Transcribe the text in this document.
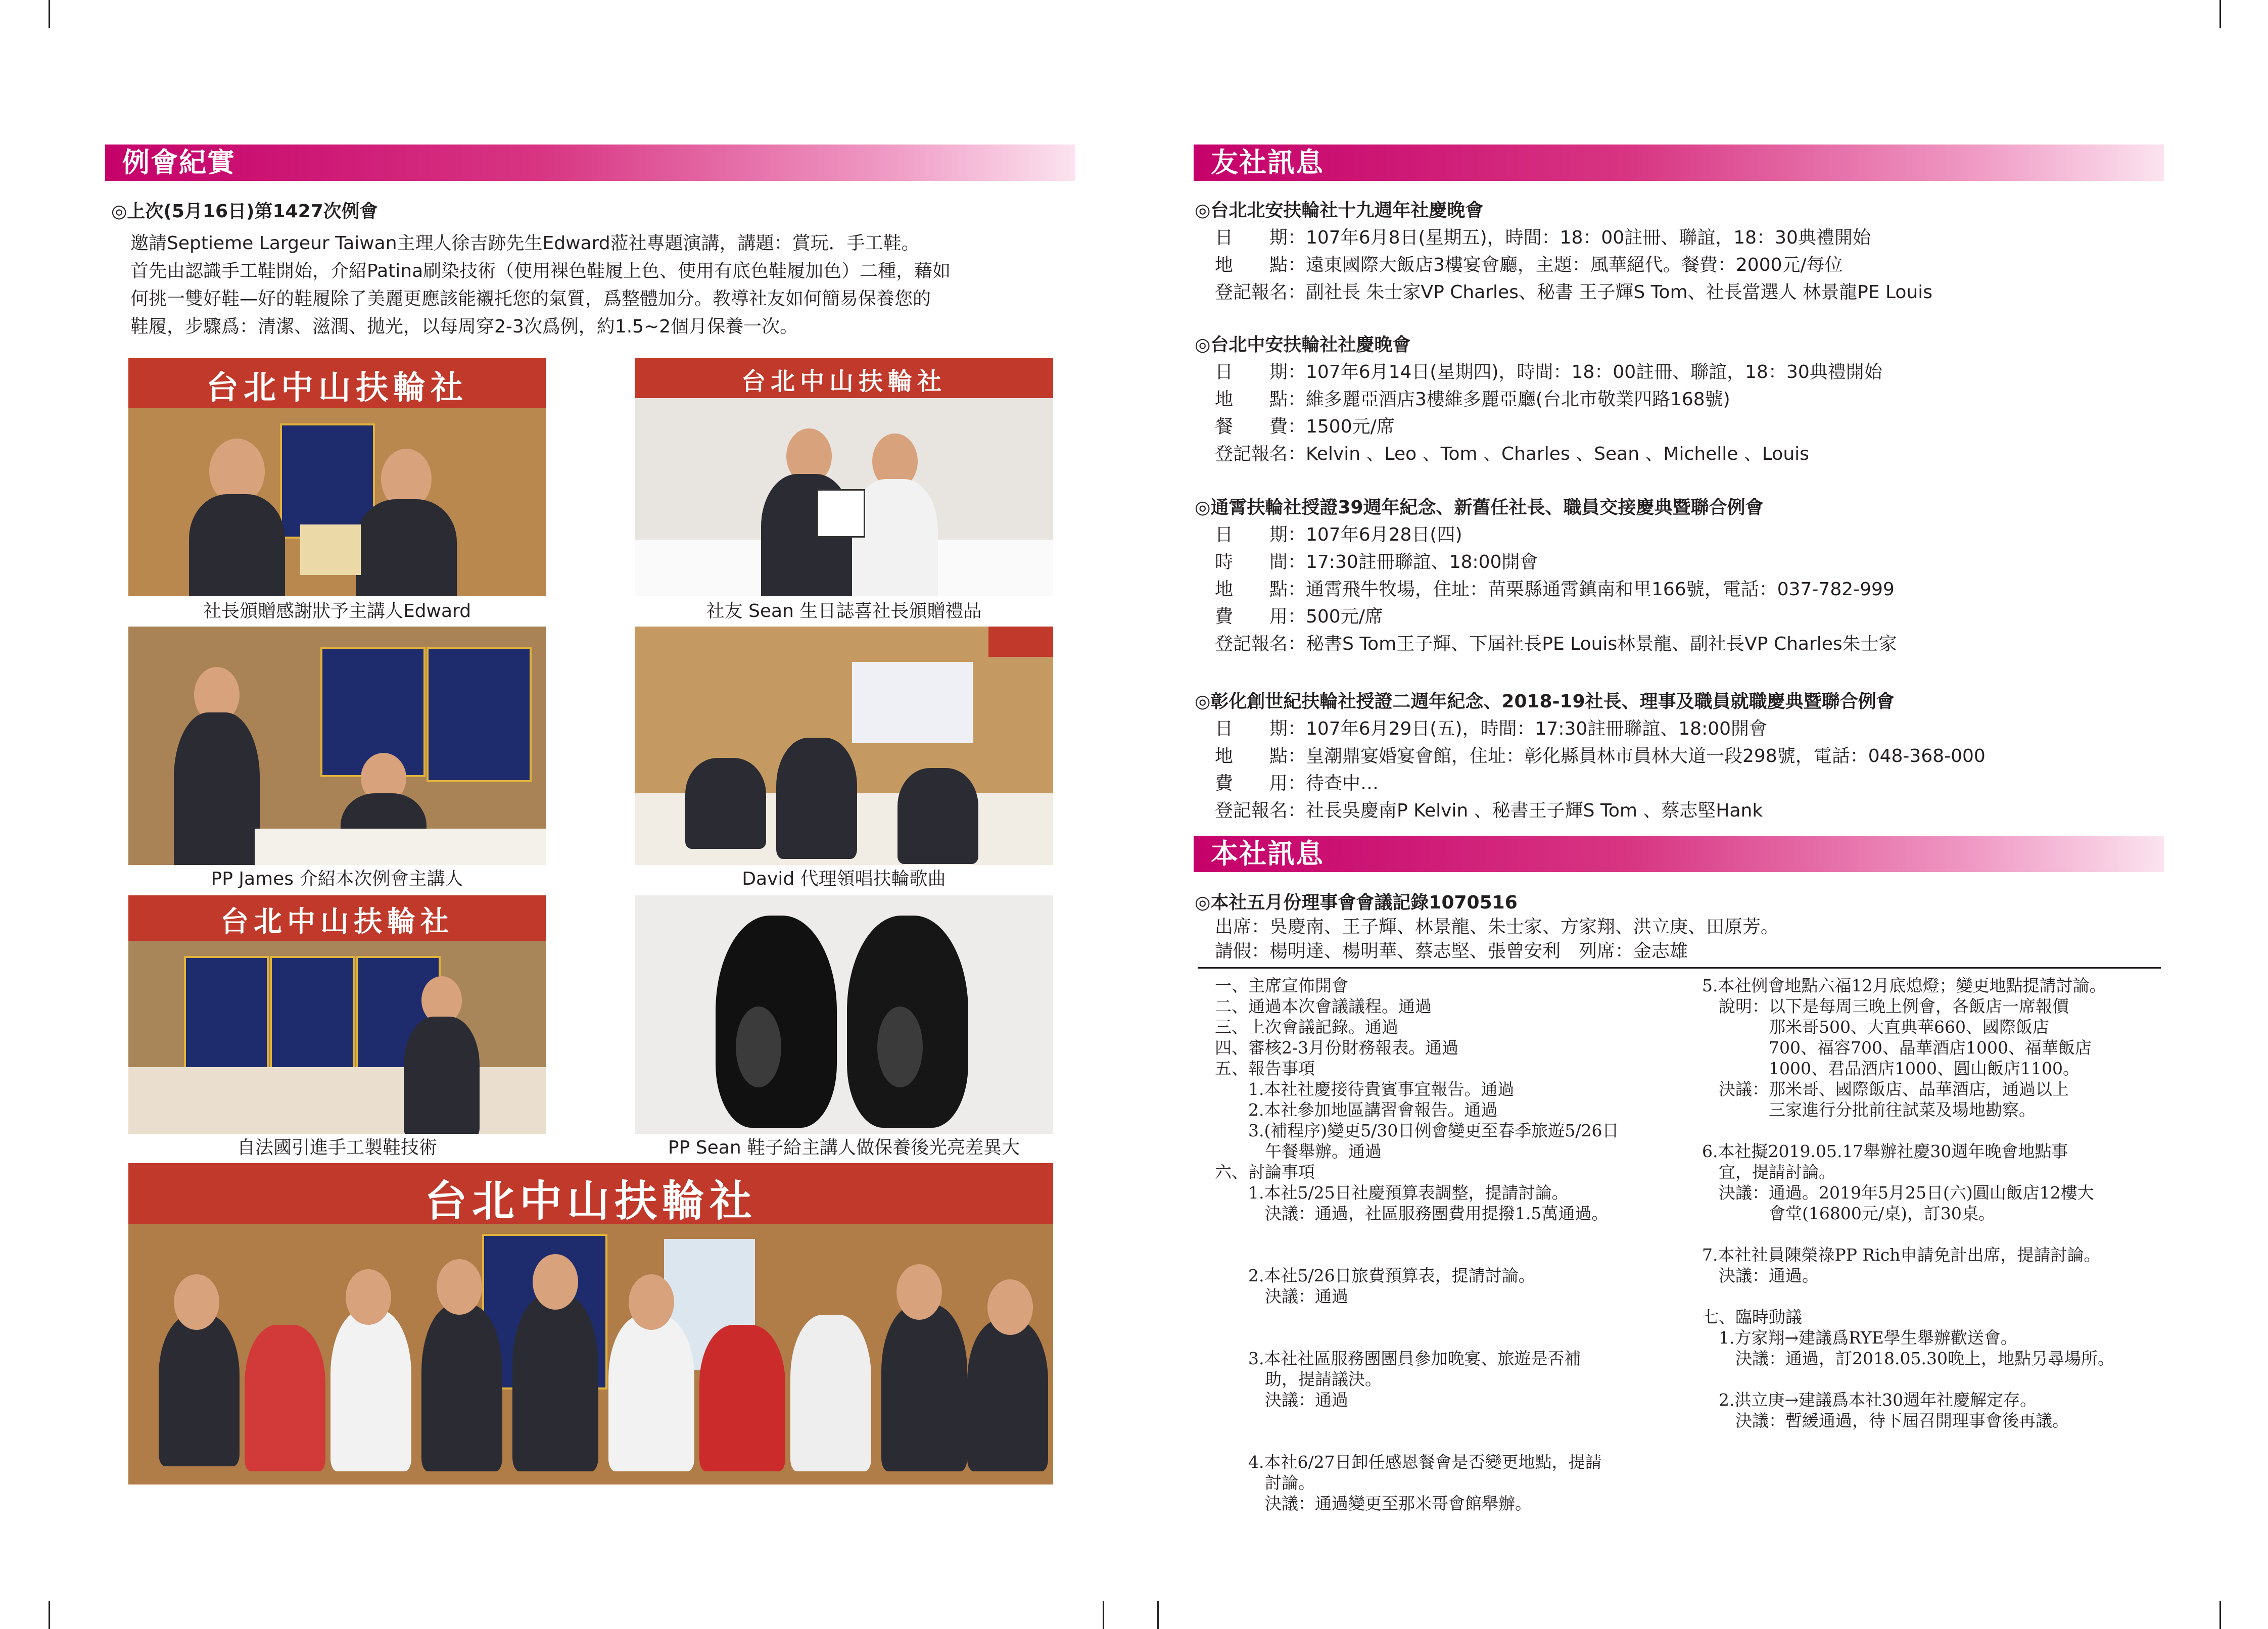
例會紀實
◎上次(5月16日)第1427次例會
邀請Septieme Largeur Taiwan主理人徐吉跡先生Edward蒞社專題演講，講題：賞玩．手工鞋。
首先由認識手工鞋開始，介紹Patina刷染技術（使用裸色鞋履上色、使用有底色鞋履加色）二種，藉如
何挑一雙好鞋—好的鞋履除了美麗更應該能襯托您的氣質，爲整體加分。教導社友如何簡易保養您的
鞋履，步驟爲：清潔、滋潤、拋光，以每周穿2-3次爲例，約1.5~2個月保養一次。
台北中山扶輪社
社長頒贈感謝狀予主講人Edward
台北中山扶輪社
社友 Sean 生日誌喜社長頒贈禮品
PP James 介紹本次例會主講人	David 代理領唱扶輪歌曲
台北中山扶輪社
自法國引進手工製鞋技術	PP Sean 鞋子給主講人做保養後光亮差異大
台北中山扶輪社
友社訊息
◎台北北安扶輪社十九週年社慶晚會
日　　期：107年6月8日(星期五)，時間：18：00註冊、聯誼，18：30典禮開始
地　　點：遠東國際大飯店3樓宴會廳，主題：風華絕代。餐費：2000元/每位
登記報名：副社長 朱士家VP Charles、秘書 王子輝S Tom、社長當選人 林景龍PE Louis
◎台北中安扶輪社社慶晚會
日　　期：107年6月14日(星期四)，時間：18：00註冊、聯誼，18：30典禮開始
地　　點：維多麗亞酒店3樓維多麗亞廳(台北市敬業四路168號)
餐　　費：1500元/席
登記報名：Kelvin 、Leo 、Tom 、Charles 、Sean 、Michelle 、Louis
◎通霄扶輪社授證39週年紀念、新舊任社長、職員交接慶典暨聯合例會
日　　期：107年6月28日(四)
時　　間：17:30註冊聯誼、18:00開會
地　　點：通霄飛牛牧場，住址：苗栗縣通霄鎮南和里166號，電話：037-782-999
費　　用：500元/席
登記報名：秘書S Tom王子輝、下屆社長PE Louis林景龍、副社長VP Charles朱士家
◎彰化創世紀扶輪社授證二週年紀念、2018-19社長、理事及職員就職慶典暨聯合例會
日　　期：107年6月29日(五)，時間：17:30註冊聯誼、18:00開會
地　　點：皇潮鼎宴婚宴會館，住址：彰化縣員林市員林大道一段298號，電話：048-368-000
費　　用：待查中…
登記報名：社長吳慶南P Kelvin 、秘書王子輝S Tom 、蔡志堅Hank
本社訊息
◎本社五月份理事會會議記錄1070516
出席：吳慶南、王子輝、林景龍、朱士家、方家翔、洪立庚、田原芳。
請假：楊明達、楊明華、蔡志堅、張曾安利　列席：金志雄
一、主席宣佈開會
二、通過本次會議議程。通過
三、上次會議記錄。通過
四、審核2-3月份財務報表。通過
五、報告事項
　　1.本社社慶接待貴賓事宜報告。通過
　　2.本社參加地區講習會報告。通過
　　3.(補程序)變更5/30日例會變更至春季旅遊5/26日
　　　午餐舉辦。通過
六、討論事項
　　1.本社5/25日社慶預算表調整，提請討論。
　　　決議：通過，社區服務團費用提撥1.5萬通過。
　　2.本社5/26日旅費預算表，提請討論。
　　　決議：通過
　　3.本社社區服務團團員參加晚宴、旅遊是否補
　　　助，提請議決。
　　　決議：通過
　　4.本社6/27日卸任感恩餐會是否變更地點，提請
　　　討論。
　　　決議：通過變更至那米哥會館舉辦。
5.本社例會地點六福12月底熄燈；變更地點提請討論。
　說明：以下是每周三晚上例會，各飯店一席報價
　　　　那米哥500、大直典華660、國際飯店
　　　　700、福容700、晶華酒店1000、福華飯店
　　　　1000、君品酒店1000、圓山飯店1100。
　決議：那米哥、國際飯店、晶華酒店，通過以上
　　　　三家進行分批前往試菜及場地勘察。
6.本社擬2019.05.17舉辦社慶30週年晚會地點事
　宜，提請討論。
　決議：通過。2019年5月25日(六)圓山飯店12樓大
　　　　會堂(16800元/桌)，訂30桌。
7.本社社員陳榮祿PP Rich申請免計出席，提請討論。
　決議：通過。
七、臨時動議
　1.方家翔→建議爲RYE學生舉辦歡送會。
　　決議：通過，訂2018.05.30晚上，地點另尋場所。
　2.洪立庚→建議爲本社30週年社慶解定存。
　　決議：暫緩通過，待下屆召開理事會後再議。
